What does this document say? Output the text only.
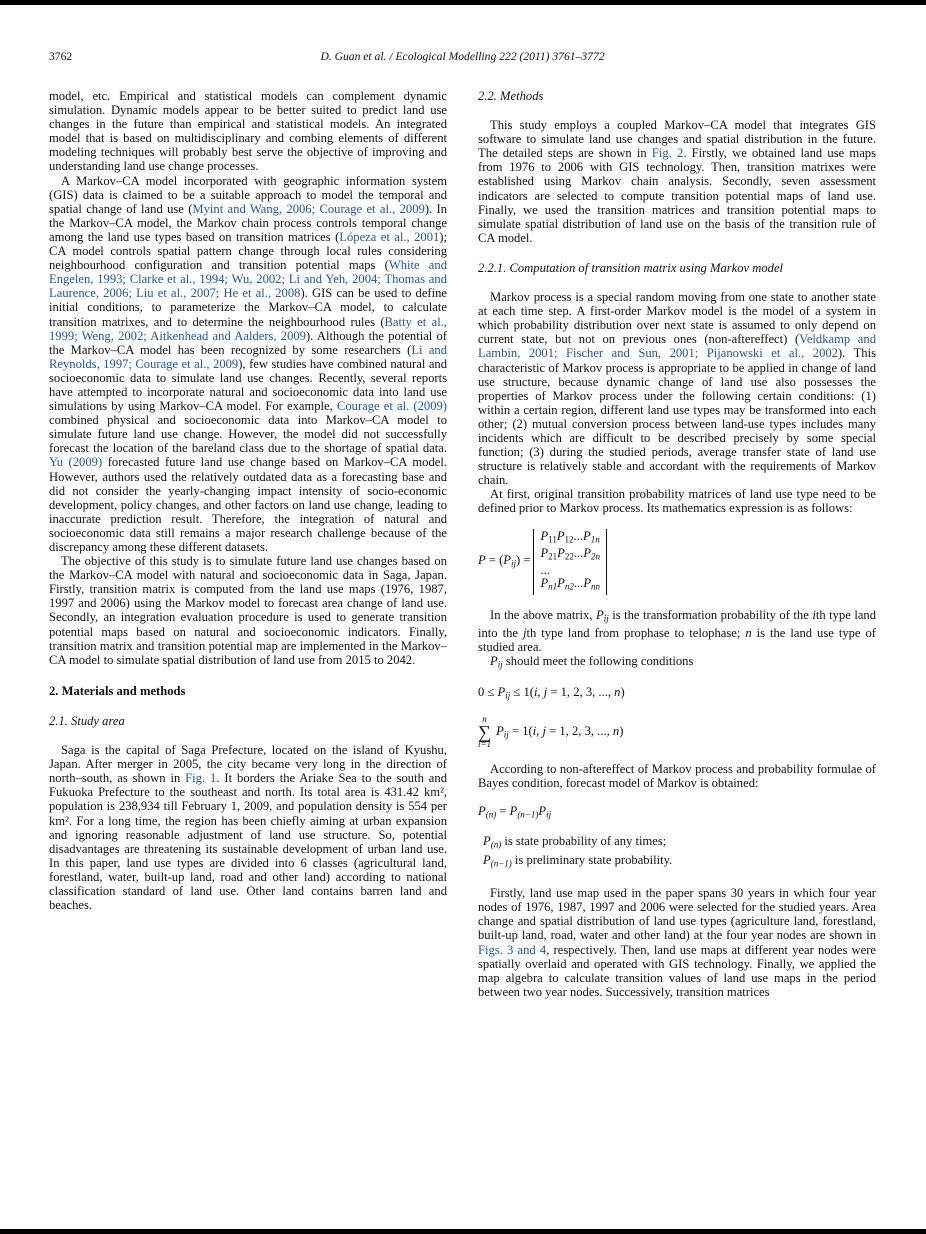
3762	D. Guan et al. / Ecological Modelling 222 (2011) 3761–3772

model, etc. Empirical and statistical models can complement dynamic simulation. Dynamic models appear to be better suited to predict land use changes in the future than empirical and statistical models. An integrated model that is based on multidisciplinary and combing elements of different modeling techniques will probably best serve the objective of improving and understanding land use change processes.

A Markov–CA model incorporated with geographic information system (GIS) data is claimed to be a suitable approach to model the temporal and spatial change of land use (Myint and Wang, 2006; Courage et al., 2009). In the Markov–CA model, the Markov chain process controls temporal change among the land use types based on transition matrices (Lópeza et al., 2001); CA model controls spatial pattern change through local rules considering neighbourhood configuration and transition potential maps (White and Engelen, 1993; Clarke et al., 1994; Wu, 2002; Li and Yeh, 2004; Thomas and Laurence, 2006; Liu et al., 2007; He et al., 2008). GIS can be used to define initial conditions, to parameterize the Markov–CA model, to calculate transition matrixes, and to determine the neighbourhood rules (Batty et al., 1999; Weng, 2002; Aitkenhead and Aalders, 2009). Although the potential of the Markov–CA model has been recognized by some researchers (Li and Reynolds, 1997; Courage et al., 2009), few studies have combined natural and socioeconomic data to simulate land use changes. Recently, several reports have attempted to incorporate natural and socioeconomic data into land use simulations by using Markov–CA model. For example, Courage et al. (2009) combined physical and socioeconomic data into Markov–CA model to simulate future land use change. However, the model did not successfully forecast the location of the bareland class due to the shortage of spatial data. Yu (2009) forecasted future land use change based on Markov–CA model. However, authors used the relatively outdated data as a forecasting base and did not consider the yearly-changing impact intensity of socio-economic development, policy changes, and other factors on land use change, leading to inaccurate prediction result. Therefore, the integration of natural and socioeconomic data still remains a major research challenge because of the discrepancy among these different datasets.

The objective of this study is to simulate future land use changes based on the Markov–CA model with natural and socioeconomic data in Saga, Japan. Firstly, transition matrix is computed from the land use maps (1976, 1987, 1997 and 2006) using the Markov model to forecast area change of land use. Secondly, an integration evaluation procedure is used to generate transition potential maps based on natural and socioeconomic indicators. Finally, transition matrix and transition potential map are implemented in the Markov–CA model to simulate spatial distribution of land use from 2015 to 2042.

2. Materials and methods
2.1. Study area

Saga is the capital of Saga Prefecture, located on the island of Kyushu, Japan. After merger in 2005, the city became very long in the direction of north–south, as shown in Fig. 1. It borders the Ariake Sea to the south and Fukuoka Prefecture to the southeast and north. Its total area is 431.42 km², population is 238,934 till February 1, 2009, and population density is 554 per km². For a long time, the region has been chiefly aiming at urban expansion and ignoring reasonable adjustment of land use structure. So, potential disadvantages are threatening its sustainable development of urban land use. In this paper, land use types are divided into 6 classes (agricultural land, forestland, water, built-up land, road and other land) according to national classification standard of land use. Other land contains barren land and beaches.

2.2. Methods

This study employs a coupled Markov–CA model that integrates GIS software to simulate land use changes and spatial distribution in the future. The detailed steps are shown in Fig. 2. Firstly, we obtained land use maps from 1976 to 2006 with GIS technology. Then, transition matrixes were established using Markov chain analysis. Secondly, seven assessment indicators are selected to compute transition potential maps of land use. Finally, we used the transition matrices and transition potential maps to simulate spatial distribution of land use on the basis of the transition rule of CA model.

2.2.1. Computation of transition matrix using Markov model

Markov process is a special random moving from one state to another state at each time step. A first-order Markov model is the model of a system in which probability distribution over next state is assumed to only depend on current state, but not on previous ones (non-aftereffect) (Veldkamp and Lambin, 2001; Fischer and Sun, 2001; Pijanowski et al., 2002). This characteristic of Markov process is appropriate to be applied in change of land use structure, because dynamic change of land use also possesses the properties of Markov process under the following certain conditions: (1) within a certain region, different land use types may be transformed into each other; (2) mutual conversion process between land-use types includes many incidents which are difficult to be described precisely by some special function; (3) during the studied periods, average transfer state of land use structure is relatively stable and accordant with the requirements of Markov chain.

At first, original transition probability matrices of land use type need to be defined prior to Markov process. Its mathematics expression is as follows:

P = (Pij) =
P11P12...P1n
P21P22...P2n
...
Pn1Pn2...Pnn

In the above matrix, Pij is the transformation probability of the ith type land into the jth type land from prophase to telophase; n is the land use type of studied area.

Pij should meet the following conditions

0 ≤ Pij ≤ 1(i, j = 1, 2, 3, ..., n)
n
∑
i=1
Pij = 1(i, j = 1, 2, 3, ..., n)

According to non-aftereffect of Markov process and probability formulae of Bayes condition, forecast model of Markov is obtained:

P(n) = P(n−1)Pij
P(n) is state probability of any times;
P(n−1) is preliminary state probability.

Firstly, land use map used in the paper spans 30 years in which four year nodes of 1976, 1987, 1997 and 2006 were selected for the studied years. Area change and spatial distribution of land use types (agriculture land, forestland, built-up land, road, water and other land) at the four year nodes are shown in Figs. 3 and 4, respectively. Then, land use maps at different year nodes were spatially overlaid and operated with GIS technology. Finally, we applied the map algebra to calculate transition values of land use maps in the period between two year nodes. Successively, transition matrices
